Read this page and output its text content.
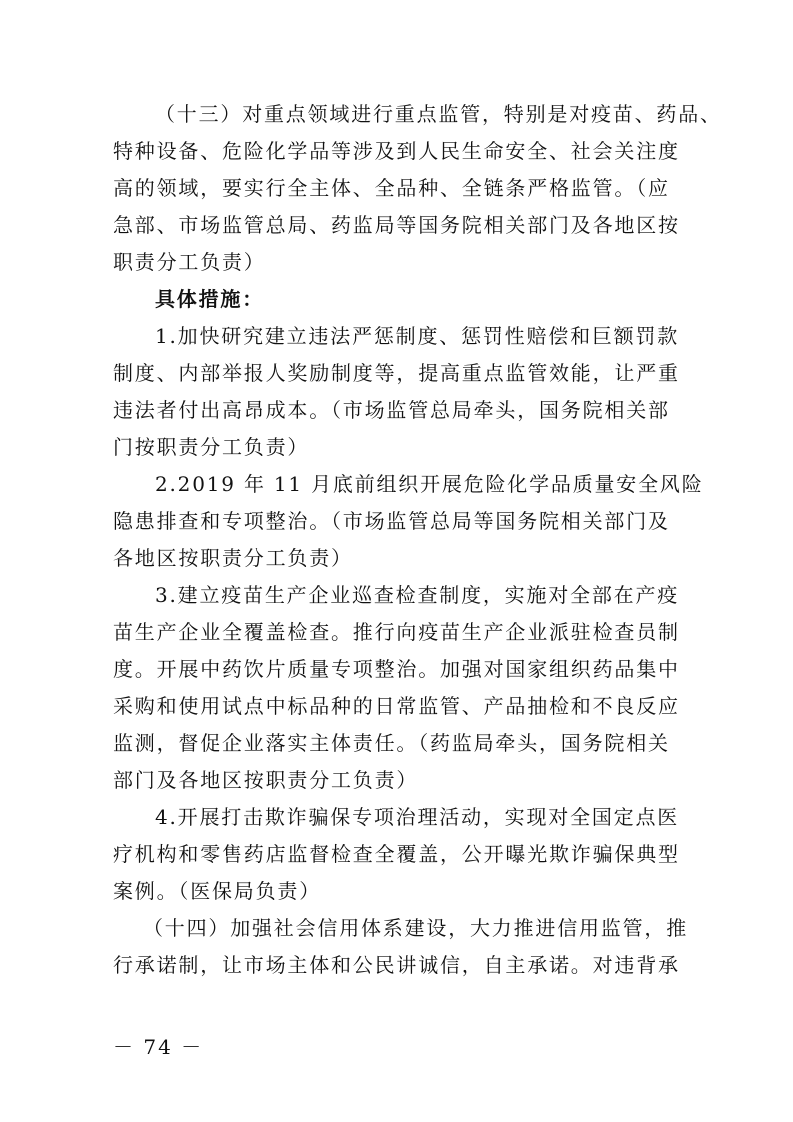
（十三）对重点领域进行重点监管，特别是对疫苗、药品、
特种设备、危险化学品等涉及到人民生命安全、社会关注度
高的领域，要实行全主体、全品种、全链条严格监管。（应
急部、市场监管总局、药监局等国务院相关部门及各地区按
职责分工负责）
具体措施：
1.加快研究建立违法严惩制度、惩罚性赔偿和巨额罚款
制度、内部举报人奖励制度等，提高重点监管效能，让严重
违法者付出高昂成本。（市场监管总局牵头，国务院相关部
门按职责分工负责）
2.2019 年 11 月底前组织开展危险化学品质量安全风险
隐患排查和专项整治。（市场监管总局等国务院相关部门及
各地区按职责分工负责）
3.建立疫苗生产企业巡查检查制度，实施对全部在产疫
苗生产企业全覆盖检查。推行向疫苗生产企业派驻检查员制
度。开展中药饮片质量专项整治。加强对国家组织药品集中
采购和使用试点中标品种的日常监管、产品抽检和不良反应
监测，督促企业落实主体责任。（药监局牵头，国务院相关
部门及各地区按职责分工负责）
4.开展打击欺诈骗保专项治理活动，实现对全国定点医
疗机构和零售药店监督检查全覆盖，公开曝光欺诈骗保典型
案例。（医保局负责）
（十四）加强社会信用体系建设，大力推进信用监管，推
行承诺制，让市场主体和公民讲诚信，自主承诺。对违背承
－ 74 －
